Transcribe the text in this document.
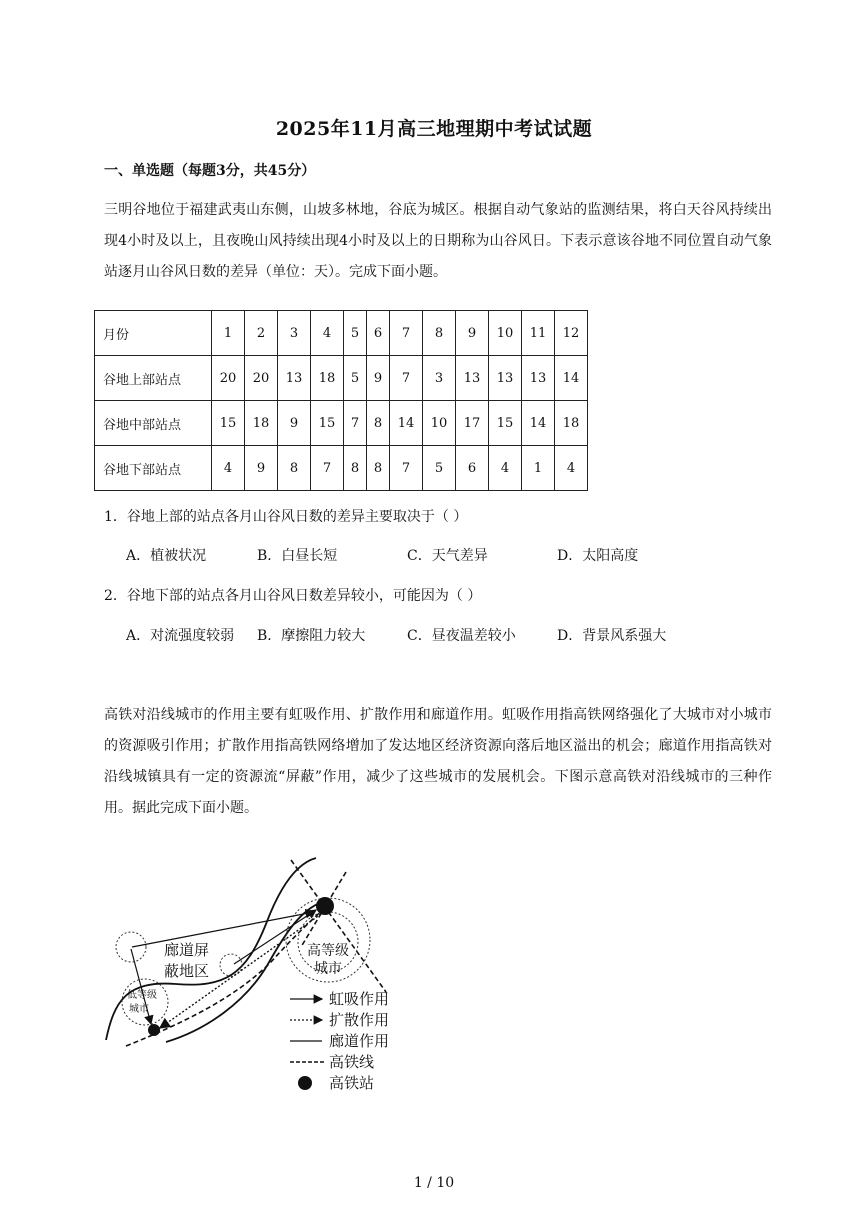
2025年11月高三地理期中考试试题
一、单选题（每题3分，共45分）
三明谷地位于福建武夷山东侧，山坡多林地，谷底为城区。根据自动气象站的监测结果，将白天谷风持续出现4小时及以上，且夜晚山风持续出现4小时及以上的日期称为山谷风日。下表示意该谷地不同位置自动气象站逐月山谷风日数的差异（单位：天）。完成下面小题。
月份	1	2	3	4	5	6	7	8	9	10	11	12
谷地上部站点	20	20	13	18	5	9	7	3	13	13	13	14
谷地中部站点	15	18	9	15	7	8	14	10	17	15	14	18
谷地下部站点	4	9	8	7	8	8	7	5	6	4	1	4
1．谷地上部的站点各月山谷风日数的差异主要取决于（ ）
A．植被状况	B．白昼长短	C．天气差异	D．太阳高度
2．谷地下部的站点各月山谷风日数差异较小，可能因为（ ）
A．对流强度较弱 B．摩擦阻力较大	C．昼夜温差较小	D．背景风系强大
高铁对沿线城市的作用主要有虹吸作用、扩散作用和廊道作用。虹吸作用指高铁网络强化了大城市对小城市的资源吸引作用；扩散作用指高铁网络增加了发达地区经济资源向落后地区溢出的机会；廊道作用指高铁对沿线城镇具有一定的资源流“屏蔽”作用，减少了这些城市的发展机会。下图示意高铁对沿线城市的三种作用。据此完成下面小题。
廊道屏
蔽地区
高等级
城市
低等级
城市
虹吸作用
扩散作用
廊道作用
高铁线
高铁站
1 / 10
